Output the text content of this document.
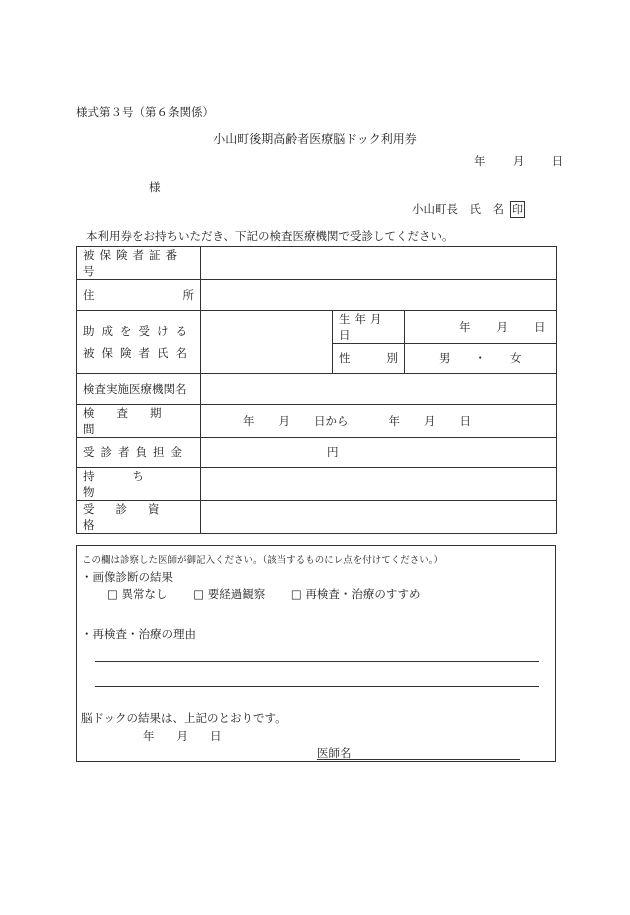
様式第３号（第６条関係）
小山町後期高齢者医療脳ドック利用券
年 月 日
様
小山町長　氏　名 印
本利用券をお持ちいただき、下記の検査医療機関で受診してください。
被保険者証番号			

住 所			

助成を受ける
被保険者氏名		生年月日	年 月 日

		性 別	男 ・ 女

検査実施医療機関名			

検査期間	年 月 日から 年 月 日		

受診者負担金	円		

持ち物			

受診資格			

この欄は診察した医師が御記入ください。（該当するものにレ点を付けてください。）
・画像診断の結果
□ 異常なし □ 要経過観察 □ 再検査・治療のすすめ
・再検査・治療の理由
脳ドックの結果は、上記のとおりです。
年 月 日
医師名
